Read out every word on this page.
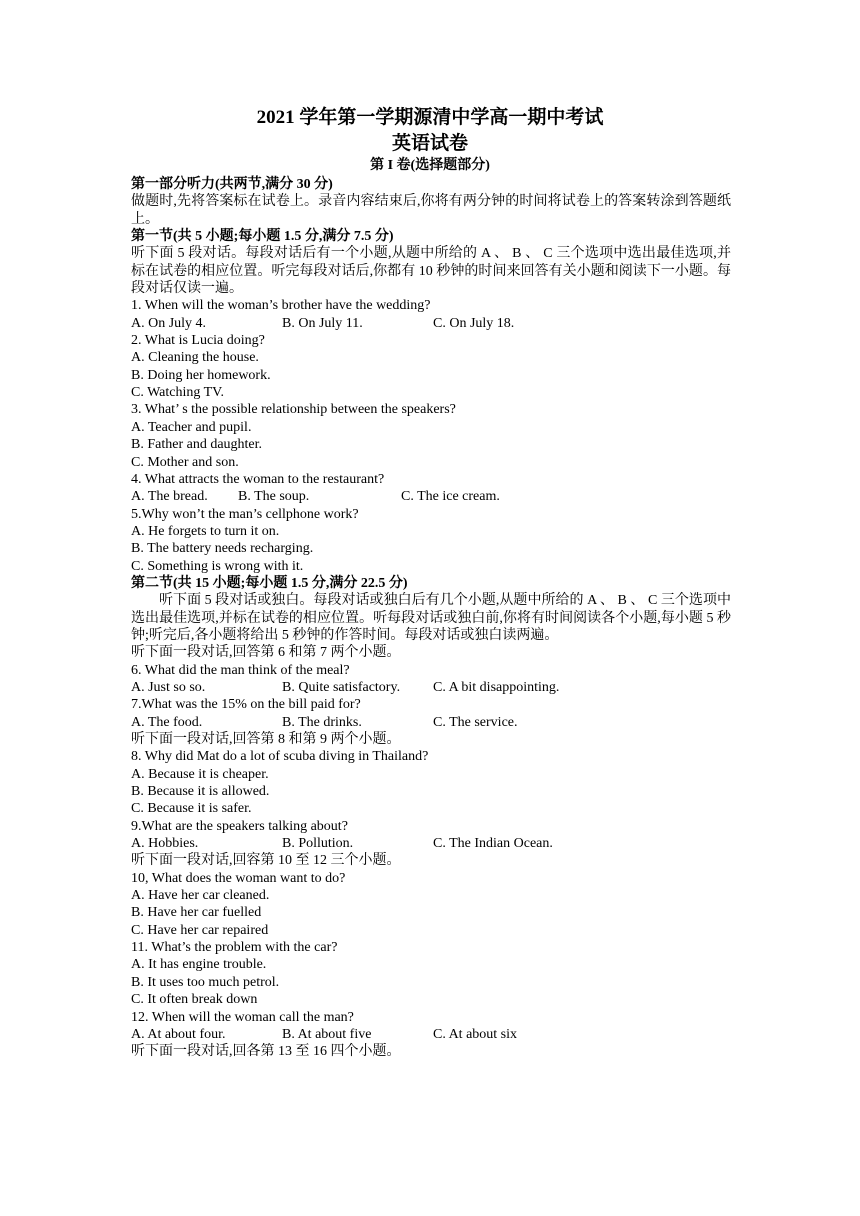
2021 学年第一学期源清中学高一期中考试
英语试卷
第 I 卷(选择题部分)
第一部分听力(共两节,满分 30 分)
做题时,先将答案标在试卷上。录音内容结束后,你将有两分钟的时间将试卷上的答案转涂到答题纸上。
第一节(共 5 小题;每小题 1.5 分,满分 7.5 分)
听下面 5 段对话。每段对话后有一个小题,从题中所给的 A 、 B 、 C 三个选项中选出最佳选项,并标在试卷的相应位置。听完每段对话后,你都有 10 秒钟的时间来回答有关小题和阅读下一小题。每段对话仅读一遍。
1. When will the woman’s brother have the wedding?
A. On July 4.	B. On July 11.	C. On July 18.
2. What is Lucia doing?
A. Cleaning the house.
B. Doing her homework.
C. Watching TV.
3. What’ s the possible relationship between the speakers?
A. Teacher and pupil.
B. Father and daughter.
C. Mother and son.
4. What attracts the woman to the restaurant?
A. The bread.	B. The soup.	C. The ice cream.
5.Why won’t the man’s cellphone work?
A. He forgets to turn it on.
B. The battery needs recharging.
C. Something is wrong with it.
第二节(共 15 小题;每小题 1.5 分,满分 22.5 分)
听下面 5 段对话或独白。每段对话或独白后有几个小题,从题中所给的 A 、 B 、 C 三个选项中选出最佳选项,并标在试卷的相应位置。听每段对话或独白前,你将有时间阅读各个小题,每小题 5 秒钟;听完后,各小题将给出 5 秒钟的作答时间。每段对话或独白读两遍。
听下面一段对话,回答第 6 和第 7 两个小题。
6. What did the man think of the meal?
A. Just so so.	B. Quite satisfactory.	C. A bit disappointing.
7.What was the 15% on the bill paid for?
A. The food.	B. The drinks.	C. The service.
听下面一段对话,回答第 8 和第 9 两个小题。
8. Why did Mat do a lot of scuba diving in Thailand?
A. Because it is cheaper.
B. Because it is allowed.
C. Because it is safer.
9.What are the speakers talking about?
A. Hobbies.	B. Pollution.	C. The Indian Ocean.
听下面一段对话,回容第 10 至 12 三个小题。
10, What does the woman want to do?
A. Have her car cleaned.
B. Have her car fuelled
C. Have her car repaired
11. What’s the problem with the car?
A. It has engine trouble.
B. It uses too much petrol.
C. It often break down
12. When will the woman call the man?
A. At about four.	B. At about five	C. At about six
听下面一段对话,回各第 13 至 16 四个小题。
